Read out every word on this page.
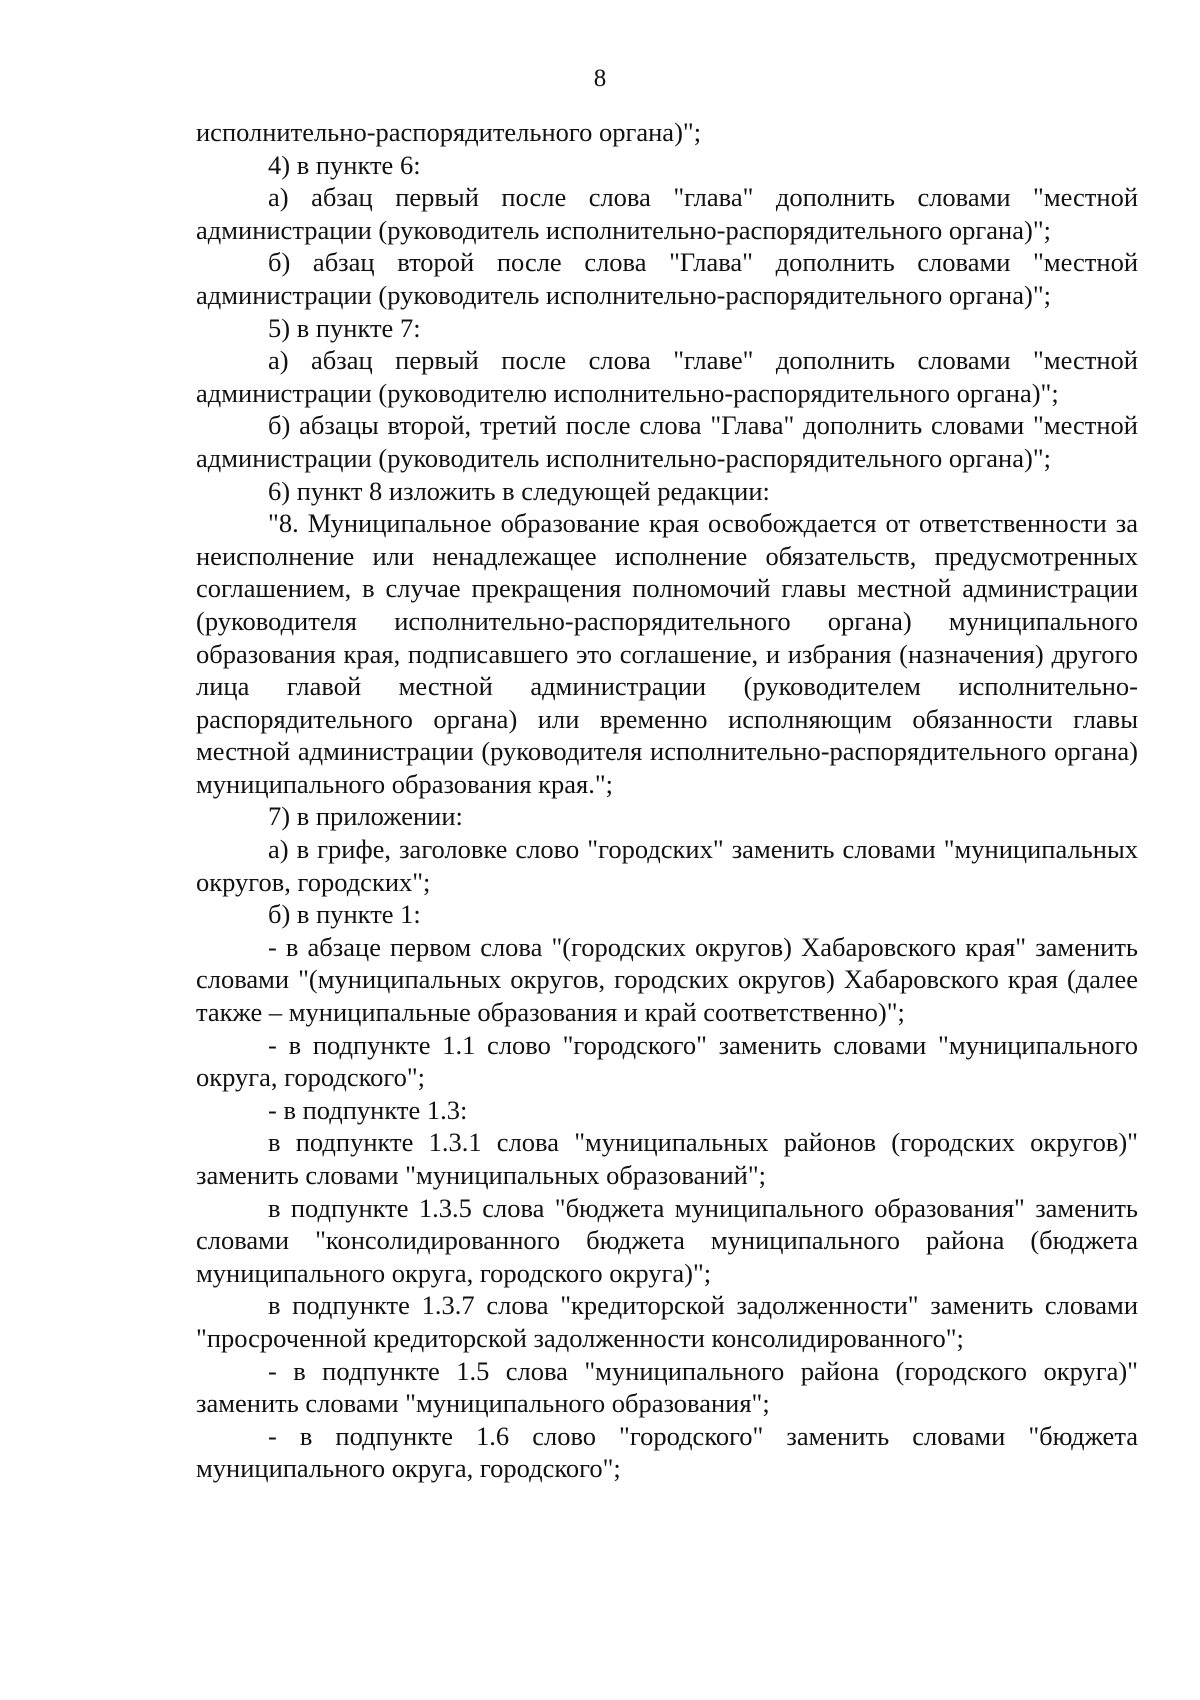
8

исполнительно-распорядительного органа)";

4) в пункте 6:

а) абзац первый после слова "глава" дополнить словами "местной администрации (руководитель исполнительно-распорядительного органа)";

б) абзац второй после слова "Глава" дополнить словами "местной администрации (руководитель исполнительно-распорядительного органа)";

5) в пункте 7:

а) абзац первый после слова "главе" дополнить словами "местной администрации (руководителю исполнительно-распорядительного органа)";

б) абзацы второй, третий после слова "Глава" дополнить словами "местной администрации (руководитель исполнительно-распорядительного органа)";

6) пункт 8 изложить в следующей редакции:

"8. Муниципальное образование края освобождается от ответственности за неисполнение или ненадлежащее исполнение обязательств, предусмотренных соглашением, в случае прекращения полномочий главы местной администрации (руководителя исполнительно-распорядительного органа) муниципального образования края, подписавшего это соглашение, и избрания (назначения) другого лица главой местной администрации (руководителем исполнительно-распорядительного органа) или временно исполняющим обязанности главы местной администрации (руководителя исполнительно-распорядительного органа) муниципального образования края.";

7) в приложении:

а) в грифе, заголовке слово "городских" заменить словами "муниципальных округов, городских";

б) в пункте 1:

- в абзаце первом слова "(городских округов) Хабаровского края" заменить словами "(муниципальных округов, городских округов) Хабаровского края (далее также – муниципальные образования и край соответственно)";

- в подпункте 1.1 слово "городского" заменить словами "муниципального округа, городского";

- в подпункте 1.3:

в подпункте 1.3.1 слова "муниципальных районов (городских округов)" заменить словами "муниципальных образований";

в подпункте 1.3.5 слова "бюджета муниципального образования" заменить словами "консолидированного бюджета муниципального района (бюджета муниципального округа, городского округа)";

в подпункте 1.3.7 слова "кредиторской задолженности" заменить словами "просроченной кредиторской задолженности консолидированного";

- в подпункте 1.5 слова "муниципального района (городского округа)" заменить словами "муниципального образования";

- в подпункте 1.6 слово "городского" заменить словами "бюджета муниципального округа, городского";
